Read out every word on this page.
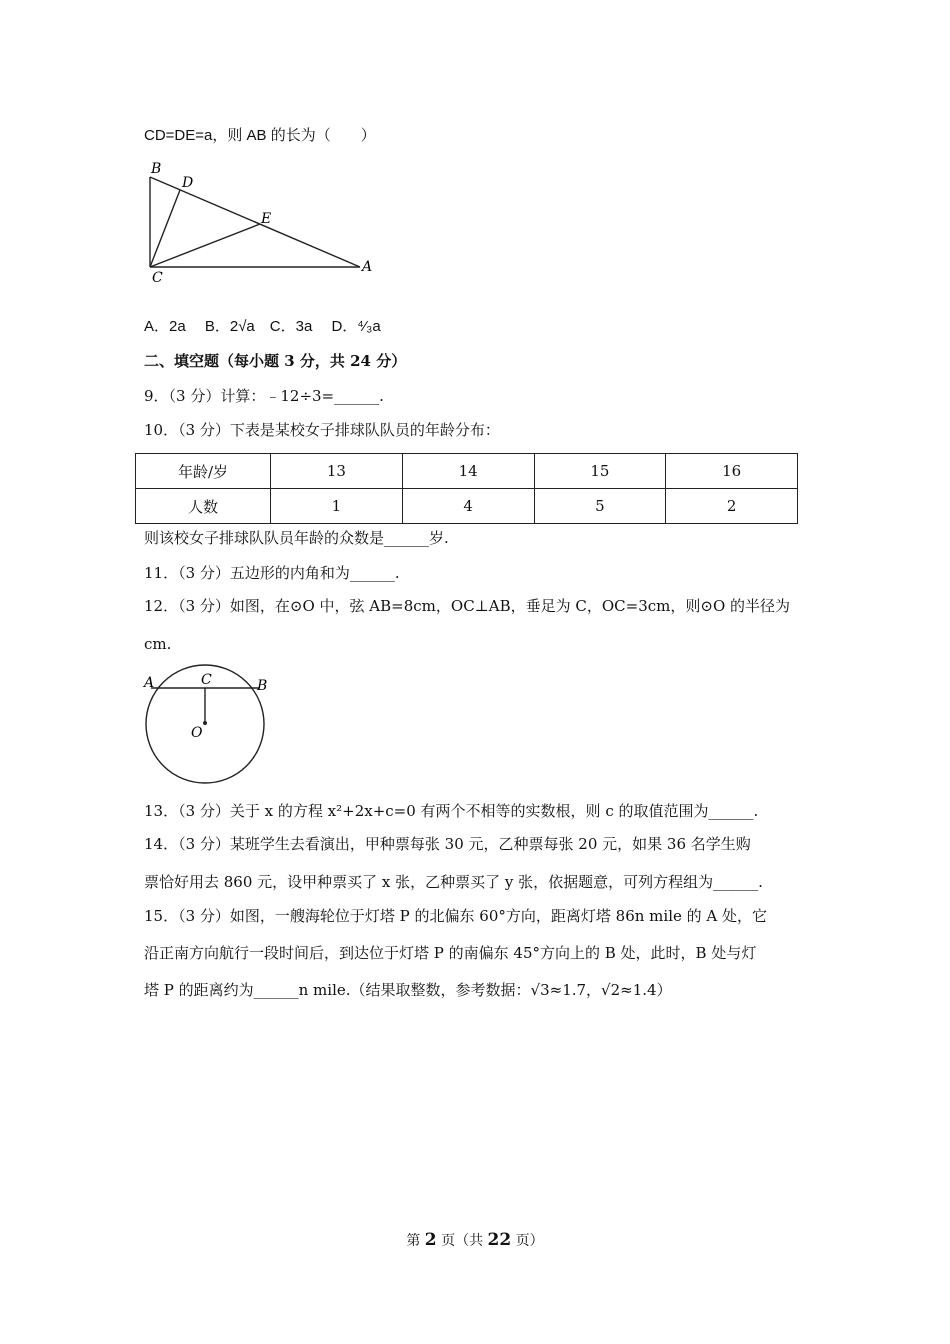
CD=DE=a，则 AB 的长为（　　）
B
D
E
C
A
A．2a　 B．2√a　C．3a　 D．⁴⁄₃a
二、填空题（每小题 3 分，共 24 分）
9．（3 分）计算：﹣12÷3=______.
10．（3 分）下表是某校女子排球队队员的年龄分布：
年龄/岁	13	14	15	16
人数	1	4	5	2
则该校女子排球队队员年龄的众数是______岁.
11．（3 分）五边形的内角和为______.
12．（3 分）如图，在⊙O 中，弦 AB=8cm，OC⊥AB，垂足为 C，OC=3cm，则⊙O 的半径为
cm.
A	C	B
O
13．（3 分）关于 x 的方程 x²+2x+c=0 有两个不相等的实数根，则 c 的取值范围为______.
14．（3 分）某班学生去看演出，甲种票每张 30 元，乙种票每张 20 元，如果 36 名学生购
票恰好用去 860 元，设甲种票买了 x 张，乙种票买了 y 张，依据题意，可列方程组为______.
15．（3 分）如图，一艘海轮位于灯塔 P 的北偏东 60°方向，距离灯塔 86n mile 的 A 处，它
沿正南方向航行一段时间后，到达位于灯塔 P 的南偏东 45°方向上的 B 处，此时，B 处与灯
塔 P 的距离约为______n mile.（结果取整数，参考数据：√3≈1.7，√2≈1.4）
第 2 页（共 22 页）
